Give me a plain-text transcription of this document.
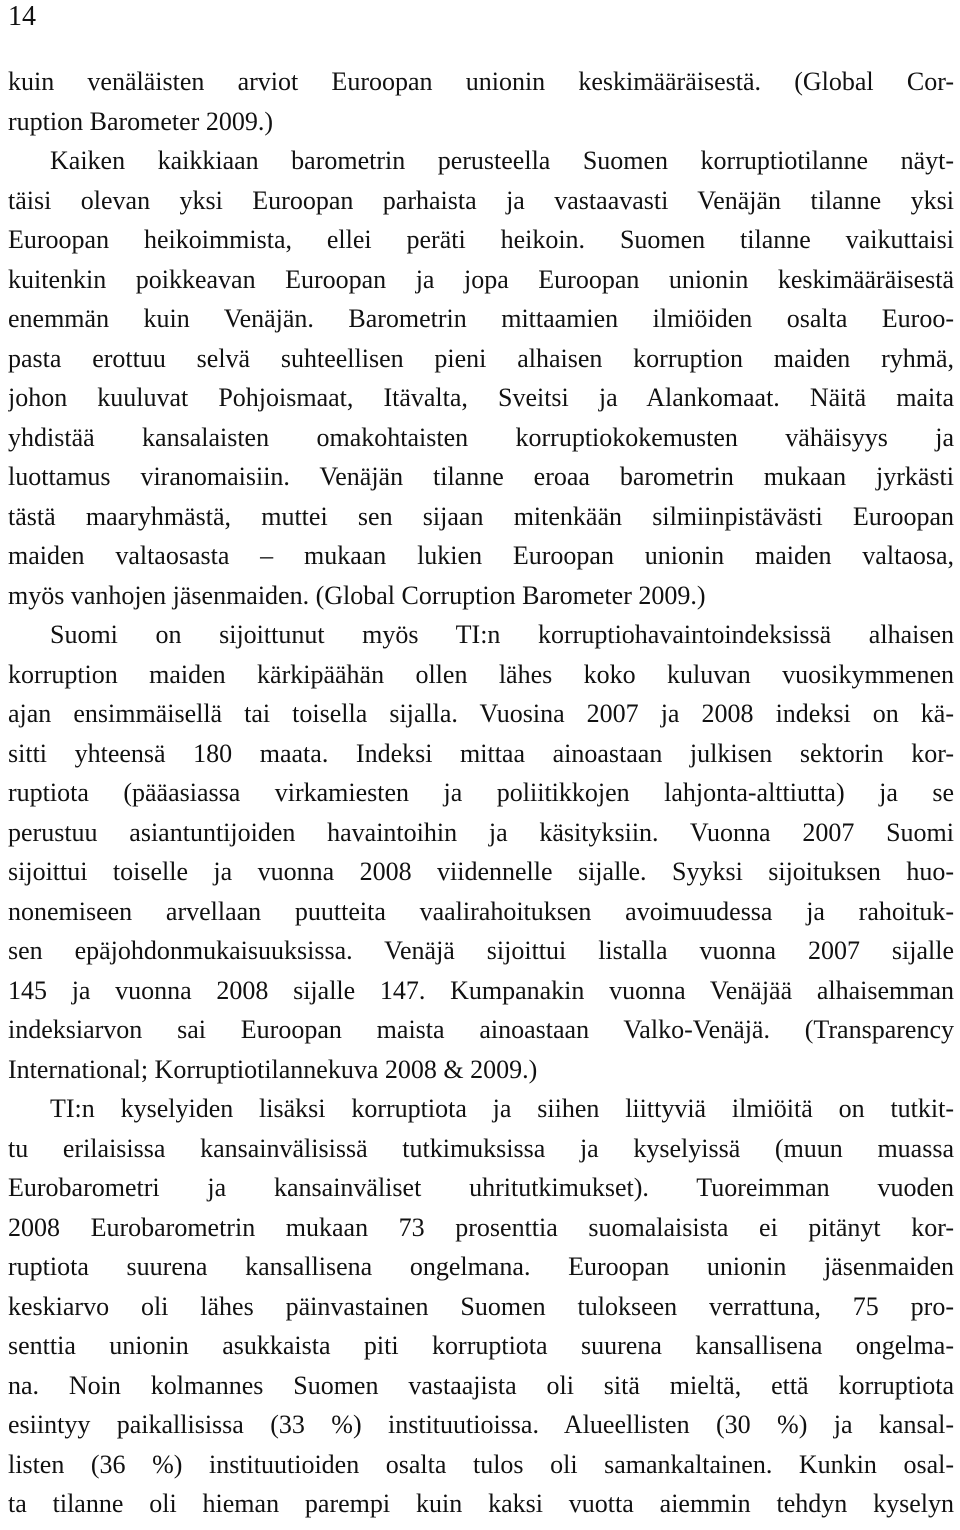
14
kuin venäläisten arviot Euroopan unionin keskimääräisestä. (Global Cor-
ruption Barometer 2009.)
Kaiken kaikkiaan barometrin perusteella Suomen korruptiotilanne näyt-
täisi olevan yksi Euroopan parhaista ja vastaavasti Venäjän tilanne yksi
Euroopan heikoimmista, ellei peräti heikoin. Suomen tilanne vaikuttaisi
kuitenkin poikkeavan Euroopan ja jopa Euroopan unionin keskimääräisestä
enemmän kuin Venäjän. Barometrin mittaamien ilmiöiden osalta Euroo-
pasta erottuu selvä suhteellisen pieni alhaisen korruption maiden ryhmä,
johon kuuluvat Pohjoismaat, Itävalta, Sveitsi ja Alankomaat. Näitä maita
yhdistää kansalaisten omakohtaisten korruptiokokemusten vähäisyys ja
luottamus viranomaisiin. Venäjän tilanne eroaa barometrin mukaan jyrkästi
tästä maaryhmästä, muttei sen sijaan mitenkään silmiinpistävästi Euroopan
maiden valtaosasta – mukaan lukien Euroopan unionin maiden valtaosa,
myös vanhojen jäsenmaiden. (Global Corruption Barometer 2009.)
Suomi on sijoittunut myös TI:n korruptiohavaintoindeksissä alhaisen
korruption maiden kärkipäähän ollen lähes koko kuluvan vuosikymmenen
ajan ensimmäisellä tai toisella sijalla. Vuosina 2007 ja 2008 indeksi on kä-
sitti yhteensä 180 maata. Indeksi mittaa ainoastaan julkisen sektorin kor-
ruptiota (pääasiassa virkamiesten ja poliitikkojen lahjonta-alttiutta) ja se
perustuu asiantuntijoiden havaintoihin ja käsityksiin. Vuonna 2007 Suomi
sijoittui toiselle ja vuonna 2008 viidennelle sijalle. Syyksi sijoituksen huo-
nonemiseen arvellaan puutteita vaalirahoituksen avoimuudessa ja rahoituk-
sen epäjohdonmukaisuuksissa. Venäjä sijoittui listalla vuonna 2007 sijalle
145 ja vuonna 2008 sijalle 147. Kumpanakin vuonna Venäjää alhaisemman
indeksiarvon sai Euroopan maista ainoastaan Valko-Venäjä. (Transparency
International; Korruptiotilannekuva 2008 & 2009.)
TI:n kyselyiden lisäksi korruptiota ja siihen liittyviä ilmiöitä on tutkit-
tu erilaisissa kansainvälisissä tutkimuksissa ja kyselyissä (muun muassa
Eurobarometri ja kansainväliset uhritutkimukset). Tuoreimman vuoden
2008 Eurobarometrin mukaan 73 prosenttia suomalaisista ei pitänyt kor-
ruptiota suurena kansallisena ongelmana. Euroopan unionin jäsenmaiden
keskiarvo oli lähes päinvastainen Suomen tulokseen verrattuna, 75 pro-
senttia unionin asukkaista piti korruptiota suurena kansallisena ongelma-
na. Noin kolmannes Suomen vastaajista oli sitä mieltä, että korruptiota
esiintyy paikallisissa (33 %) instituutioissa. Alueellisten (30 %) ja kansal-
listen (36 %) instituutioiden osalta tulos oli samankaltainen. Kunkin osal-
ta tilanne oli hieman parempi kuin kaksi vuotta aiemmin tehdyn kyselyn
